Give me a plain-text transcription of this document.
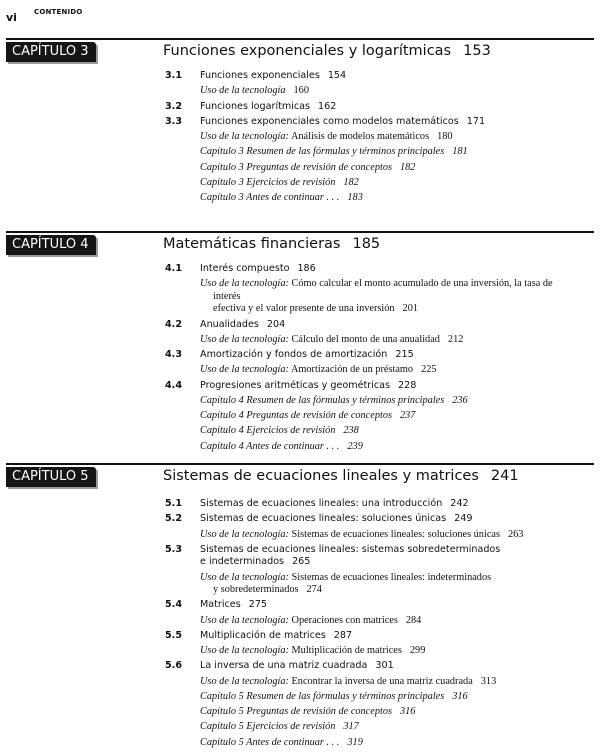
vi CONTENIDO
CAPÍTULO 3	Funciones exponenciales y logarítmicas 153
3.1 Funciones exponenciales 154
Uso de la tecnología 160
3.2 Funciones logarítmicas 162
3.3 Funciones exponenciales como modelos matemáticos 171
Uso de la tecnología: Análisis de modelos matemáticos 180
Capítulo 3 Resumen de las fórmulas y términos principales 181
Capítulo 3 Preguntas de revisión de conceptos 182
Capítulo 3 Ejercicios de revisión 182
Capítulo 3 Antes de continuar . . . 183
CAPÍTULO 4	Matemáticas financieras 185
4.1 Interés compuesto 186
Uso de la tecnología: Cómo calcular el monto acumulado de una inversión, la tasa de interés
efectiva y el valor presente de una inversión 201
4.2 Anualidades 204
Uso de la tecnología: Cálculo del monto de una anualidad 212
4.3 Amortización y fondos de amortización 215
Uso de la tecnología: Amortización de un préstamo 225
4.4 Progresiones aritméticas y geométricas 228
Capítulo 4 Resumen de las fórmulas y términos principales 236
Capítulo 4 Preguntas de revisión de conceptos 237
Capítulo 4 Ejercicios de revisión 238
Capítulo 4 Antes de continuar . . . 239
CAPÍTULO 5	Sistemas de ecuaciones lineales y matrices 241
5.1 Sistemas de ecuaciones lineales: una introducción 242
5.2 Sistemas de ecuaciones lineales: soluciones únicas 249
Uso de la tecnología: Sistemas de ecuaciones lineales: soluciones únicas 263
5.3 Sistemas de ecuaciones lineales: sistemas sobredeterminados
e indeterminados 265
Uso de la tecnología: Sistemas de ecuaciones lineales: indeterminados
y sobredeterminados 274
5.4 Matrices 275
Uso de la tecnología: Operaciones con matrices 284
5.5 Multiplicación de matrices 287
Uso de la tecnología: Multiplicación de matrices 299
5.6 La inversa de una matriz cuadrada 301
Uso de la tecnología: Encontrar la inversa de una matriz cuadrada 313
Capítulo 5 Resumen de las fórmulas y términos principales 316
Capítulo 5 Preguntas de revisión de conceptos 316
Capítulo 5 Ejercicios de revisión 317
Capítulo 5 Antes de continuar . . . 319
